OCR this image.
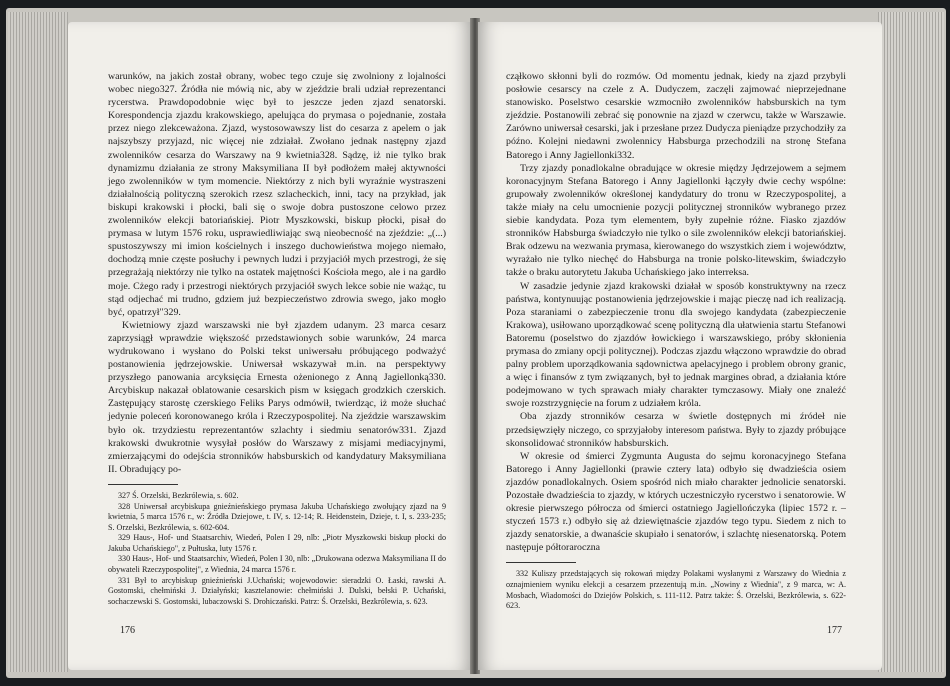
warunków, na jakich został obrany, wobec tego czuje się zwolniony z lojalności wobec niego327. Źródła nie mówią nic, aby w zjeździe brali udział reprezentanci rycerstwa. Prawdopodobnie więc był to jeszcze jeden zjazd senatorski. Korespondencja zjazdu krakowskiego, apelująca do prymasa o pojednanie, została przez niego zlekceważona. Zjazd, wystosowawszy list do cesarza z apelem o jak najszybszy przyjazd, nic więcej nie zdziałał. Zwołano jednak następny zjazd zwolenników cesarza do Warszawy na 9 kwietnia328. Sądzę, iż nie tylko brak dynamizmu działania ze strony Maksymiliana II był podłożem małej aktywności jego zwolenników w tym momencie. Niektórzy z nich byli wyraźnie wystraszeni działalnością polityczną szerokich rzesz szlacheckich, inni, tacy na przykład, jak biskupi krakowski i płocki, bali się o swoje dobra pustoszone celowo przez zwolenników elekcji batoriańskiej. Piotr Myszkowski, biskup płocki, pisał do prymasa w lutym 1576 roku, usprawiedliwiając swą nieobecność na zjeździe: „(...) spustoszywszy mi imion kościelnych i inszego duchowieństwa mojego niemało, dochodzą mnie częste posłuchy i pewnych ludzi i przyjaciół mych przestrogi, że się przegrażają niektórzy nie tylko na ostatek majętności Kościoła mego, ale i na gardło moje. Cżego rady i przestrogi niektórych przyjaciół swych lekce sobie nie ważąc, tu stąd odjechać mi trudno, gdziem już bezpieczeństwo zdrowia swego, jako mogło być, opatrzył"329.

Kwietniowy zjazd warszawski nie był zjazdem udanym. 23 marca cesarz zaprzysiągł wprawdzie większość przedstawionych sobie warunków, 24 marca wydrukowano i wysłano do Polski tekst uniwersału próbującego podważyć postanowienia jędrzejowskie. Uniwersał wskazywał m.in. na perspektywy przyszłego panowania arcyksięcia Ernesta ożenionego z Anną Jagiellonką330. Arcybiskup nakazał oblatowanie cesarskich pism w księgach grodzkich czerskich. Zastępujący starostę czerskiego Feliks Parys odmówił, twierdząc, iż może słuchać jedynie poleceń koronowanego króla i Rzeczypospolitej. Na zjeździe warszawskim było ok. trzydziestu reprezentantów szlachty i siedmiu senatorów331. Zjazd krakowski dwukrotnie wysyłał posłów do Warszawy z misjami mediacyjnymi, zmierzającymi do odejścia stronników habsburskich od kandydatury Maksymiliana II. Obradujący po-

327 Ś. Orzelski, Bezkrólewia, s. 602.

328 Uniwersał arcybiskupa gnieźnieńskiego prymasa Jakuba Uchańskiego zwołujący zjazd na 9 kwietnia, 5 marca 1576 r., w: Źródła Dziejowe, t. IV, s. 12-14; R. Heidenstein, Dzieje, t. I, s. 233-235; S. Orzelski, Bezkrólewia, s. 602-604.

329 Haus-, Hof- und Staatsarchiv, Wiedeń, Polen I 29, nlb: „Piotr Myszkowski biskup płocki do Jakuba Uchańskiego", z Pułtuska, luty 1576 r.

330 Haus-, Hof- und Staatsarchiv, Wiedeń, Polen I 30, nlb: „Drukowana odezwa Maksymiliana II do obywateli Rzeczypospolitej", z Wiednia, 24 marca 1576 r.

331 Był to arcybiskup gnieźnieński J.Uchański; wojewodowie: sieradzki O. Łaski, rawski A. Gostomski, chełmiński J. Działyński; kasztelanowie: chełmiński J. Dulski, bełski P. Uchański, sochaczewski S. Gostomski, lubaczowski S. Drohiczański. Patrz: Ś. Orzelski, Bezkrólewia, s. 623.

176

cząłkowo skłonni byli do rozmów. Od momentu jednak, kiedy na zjazd przybyli posłowie cesarscy na czele z A. Dudyczem, zaczęli zajmować nieprzejednane stanowisko. Poselstwo cesarskie wzmocniło zwolenników habsburskich na tym zjeździe. Postanowili zebrać się ponownie na zjazd w czerwcu, także w Warszawie. Zarówno uniwersał cesarski, jak i przesłane przez Dudycza pieniądze przychodziły za późno. Kolejni niedawni zwolennicy Habsburga przechodzili na stronę Stefana Batorego i Anny Jagiellonki332.

Trzy zjazdy ponadlokalne obradujące w okresie między Jędrzejowem a sejmem koronacyjnym Stefana Batorego i Anny Jagiellonki łączyły dwie cechy wspólne: grupowały zwolenników określonej kandydatury do tronu w Rzeczypospolitej, a także miały na celu umocnienie pozycji politycznej stronników wybranego przez siebie kandydata. Poza tym elementem, były zupełnie różne. Fiasko zjazdów stronników Habsburga świadczyło nie tylko o sile zwolenników elekcji batoriańskiej. Brak odzewu na wezwania prymasa, kierowanego do wszystkich ziem i województw, wyrażało nie tylko niechęć do Habsburga na tronie polsko-litewskim, świadczyło także o braku autorytetu Jakuba Uchańskiego jako interreksa.

W zasadzie jedynie zjazd krakowski działał w sposób konstruktywny na rzecz państwa, kontynuując postanowienia jędrzejowskie i mając pieczę nad ich realizacją. Poza staraniami o zabezpieczenie tronu dla swojego kandydata (zabezpieczenie Krakowa), usiłowano uporządkować scenę polityczną dla ułatwienia startu Stefanowi Batoremu (poselstwo do zjazdów łowickiego i warszawskiego, próby skłonienia prymasa do zmiany opcji politycznej). Podczas zjazdu włączono wprawdzie do obrad palny problem uporządkowania sądownictwa apelacyjnego i problem obrony granic, a więc i finansów z tym związanych, był to jednak margines obrad, a działania które podejmowano w tych sprawach miały charakter tymczasowy. Miały one znaleźć swoje rozstrzygnięcie na forum z udziałem króla.

Oba zjazdy stronników cesarza w świetle dostępnych mi źródeł nie przedsięwzięły niczego, co sprzyjałoby interesom państwa. Były to zjazdy próbujące skonsolidować stronników habsburskich.

W okresie od śmierci Zygmunta Augusta do sejmu koronacyjnego Stefana Batorego i Anny Jagiellonki (prawie cztery lata) odbyło się dwadzieścia osiem zjazdów ponadlokalnych. Osiem spośród nich miało charakter jednolicie senatorski. Pozostałe dwadzieścia to zjazdy, w których uczestniczyło rycerstwo i senatorowie. W okresie pierwszego półrocza od śmierci ostatniego Jagiellończyka (lipiec 1572 r. – styczeń 1573 r.) odbyło się aż dziewiętnaście zjazdów tego typu. Siedem z nich to zjazdy senatorskie, a dwanaście skupiało i senatorów, i szlachtę niesenatorską. Potem następuje półtoraroczna

332 Kuliszy przedstających się rokowań między Polakami wysłanymi z Warszawy do Wiednia z oznajmieniem wyniku elekcji a cesarzem przezentują m.in. „Nowiny z Wiednia", z 9 marca, w: A. Mosbach, Wiadomości do Dziejów Polskich, s. 111-112. Patrz także: Ś. Orzelski, Bezkrólewia, s. 622-623.

177
